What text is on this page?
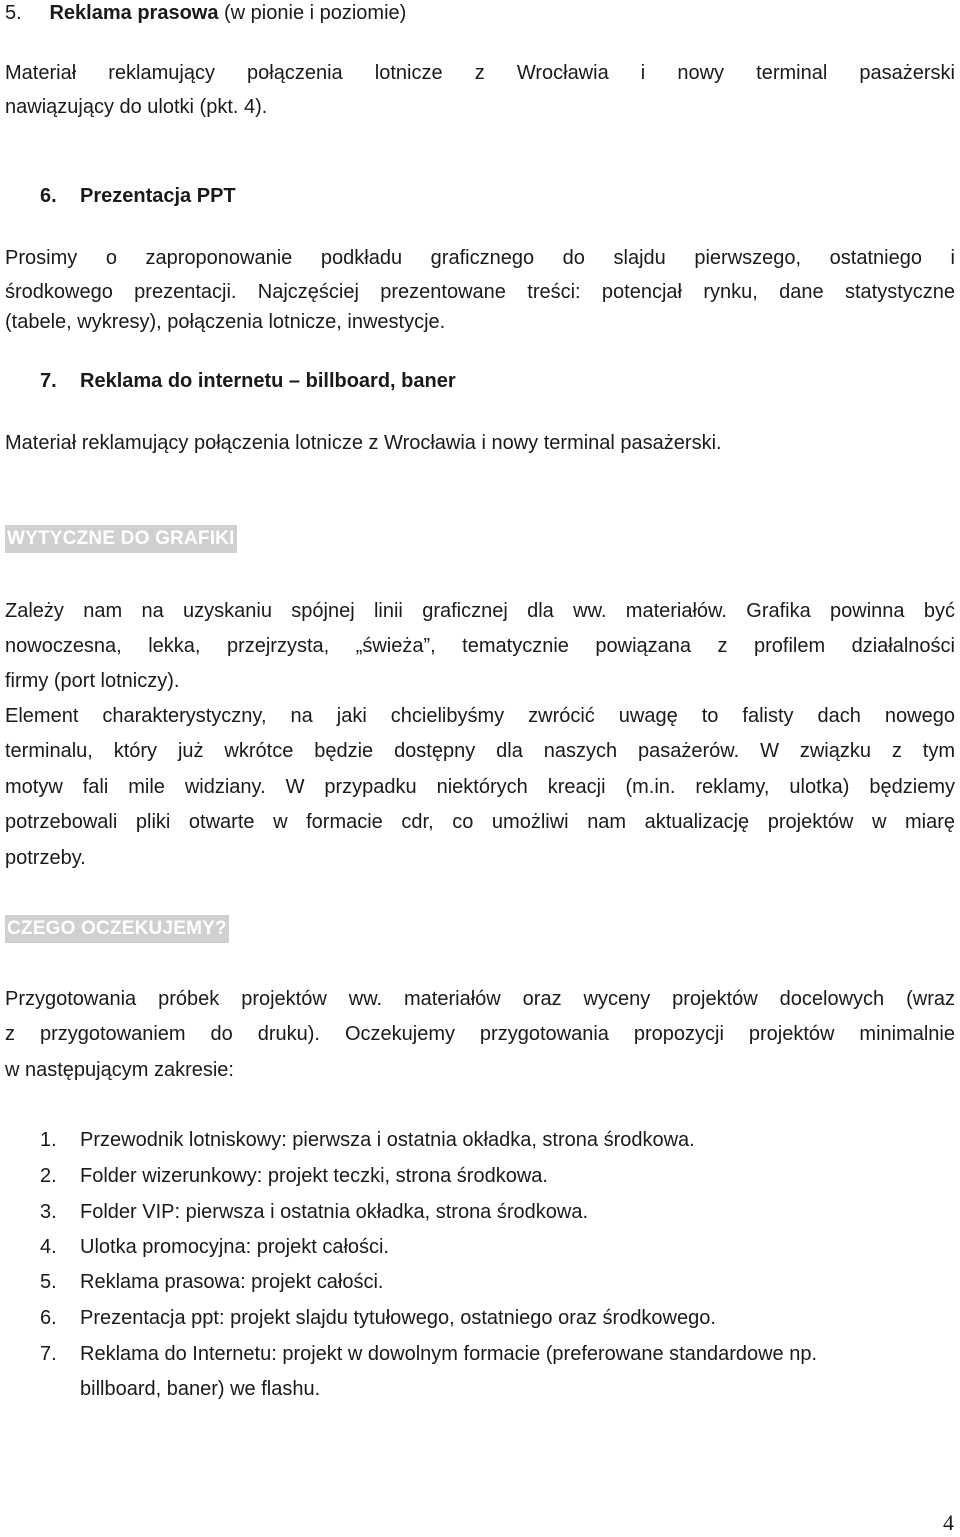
5. Reklama prasowa (w pionie i poziomie)
Materiał reklamujący połączenia lotnicze z Wrocławia i nowy terminal pasażerski
nawiązujący do ulotki (pkt. 4).
6. Prezentacja PPT
Prosimy o zaproponowanie podkładu graficznego do slajdu pierwszego, ostatniego i
środkowego prezentacji. Najczęściej prezentowane treści: potencjał rynku, dane statystyczne
(tabele, wykresy), połączenia lotnicze, inwestycje.
7. Reklama do internetu – billboard, baner
Materiał reklamujący połączenia lotnicze z Wrocławia i nowy terminal pasażerski.
WYTYCZNE DO GRAFIKI
Zależy nam na uzyskaniu spójnej linii graficznej dla ww. materiałów. Grafika powinna być
nowoczesna, lekka, przejrzysta, „świeża”, tematycznie powiązana z profilem działalności
firmy (port lotniczy).
Element charakterystyczny, na jaki chcielibyśmy zwrócić uwagę to falisty dach nowego
terminalu, który już wkrótce będzie dostępny dla naszych pasażerów. W związku z tym
motyw fali mile widziany. W przypadku niektórych kreacji (m.in. reklamy, ulotka) będziemy
potrzebowali pliki otwarte w formacie cdr, co umożliwi nam aktualizację projektów w miarę
potrzeby.
CZEGO OCZEKUJEMY?
Przygotowania próbek projektów ww. materiałów oraz wyceny projektów docelowych (wraz
z przygotowaniem do druku). Oczekujemy przygotowania propozycji projektów minimalnie
w następującym zakresie:
1. Przewodnik lotniskowy: pierwsza i ostatnia okładka, strona środkowa.
2. Folder wizerunkowy: projekt teczki, strona środkowa.
3. Folder VIP: pierwsza i ostatnia okładka, strona środkowa.
4. Ulotka promocyjna: projekt całości.
5. Reklama prasowa: projekt całości.
6. Prezentacja ppt: projekt slajdu tytułowego, ostatniego oraz środkowego.
7. Reklama do Internetu: projekt w dowolnym formacie (preferowane standardowe np.
billboard, baner) we flashu.
4
